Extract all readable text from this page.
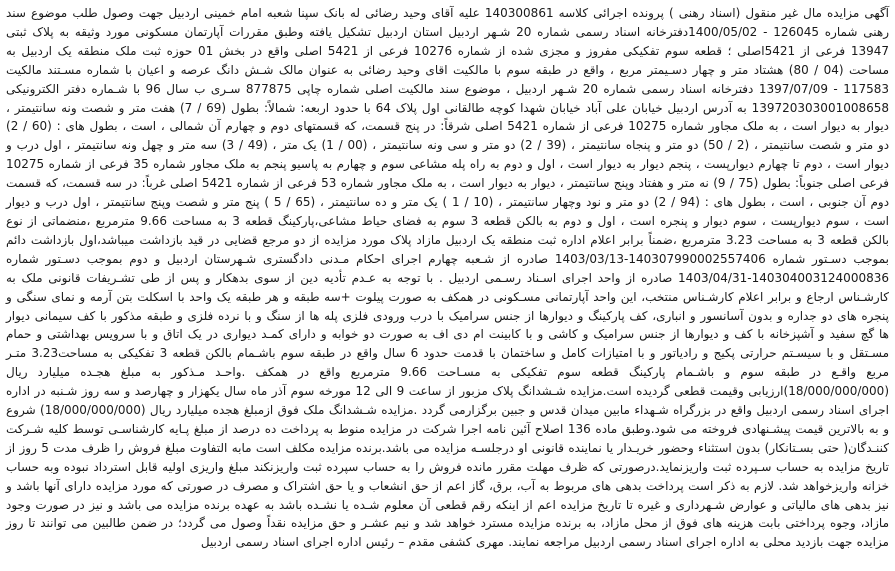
آگهی مزایده مال غیر منقول (اسناد رهنی ) پرونده اجرائی کلاسه 140300861 علیه آقای وحید رضائی له بانک سپنا شعبه امام خمینی اردبیل جهت وصول طلب موضوع سند رهنی شماره 126045 - 1400/05/02دفترخانه اسناد رسمی شماره 20 شـهر اردبیل استان اردبیل تشکیل یافته وطبق مقررات آپارتمان مسکونی مورد وثیقه به پلاک ثبتی 13947 فرعی از 5421اصلی ؛ قطعه سوم تفکیکی مفروز و مجزی شده از شماره 10276 فرعی از 5421 اصلی واقع در بخش 01 حوزه ثبت ملک منطقه یک اردبیل به مساحت (04 / 80) هشتاد متر و چهار دسـیمتر مربع ، واقع در طبقه سوم با مالکیت اقای وحید رضائی به عنوان مالک شـش دانگ عرصه و اعیان با شماره مسـتند مالکیت 117583 - 1397/07/09 دفترخانه اسناد رسمی شماره 20 شـهر اردبیل ، موضوع سند مالکیت اصلی شماره چاپی 877875 سـری ب سال 96 با شـماره دفتر الکترونیکی 139720303001008658 به آدرس اردبیل خیابان علی آباد خیابان شهدا کوچه طالقانی اول پلاک 64 با حدود اربعه: شمالاً: بطول (69 / 7) هفت متر و شصت ونه سانتیمتر ، دیوار به دیوار است ، به ملک مجاور شماره 10275 فرعی از شماره 5421 اصلی شرقاً: در پنج قسمت، که قسمتهای دوم و چهارم آن شمالی ، است ، بطول های : (60 / 2) دو متر و شصت سانتیمتر ، (2 / 50) دو متر و پنجاه سانتیمتر ، (39 / 2) دو متر و سی ونه سانتیمتر ، (00 / 1) یک متر ، (49 / 3) سه متر و چهل ونه سانتیمتر ، اول درب و دیوار است ، دوم تا چهارم دیوارپست ، پنجم دیوار به دیوار است ، اول و دوم به راه پله مشاعی سوم و چهارم به پاسیو پنجم به ملک مجاور شماره 35 فرعی از شماره 10275 فرعی اصلی جنوباً: بطول (75 / 9) نه متر و هفتاد وپنج سانتیمتر ، دیوار به دیوار است ، به ملک مجاور شماره 53 فرعی از شماره 5421 اصلی غرباً: در سه قسمت، که قسمت دوم آن جنوبی ، است ، بطول های : (94 / 2) دو متر و نود وچهار سانتیمتر ، (10 / 1 ) یک متر و ده سانتیمتر ، (65 / 5 ) پنج متر و شصت وپنج سانتیمتر ، اول درب و دیوار است ، سوم دیوارپست ، سوم دیوار و پنجره است ، اول و دوم به بالکن قطعه 3 سوم به فضای حیاط مشاعی،پارکینگ قطعه 3 به مساحت 9.66 مترمربع ،منضماتی از نوع بالکن قطعه 3 به مساحت 3.23 مترمربع ،ضمناً برابر اعلام اداره ثبت منطقه یک اردبیل مازاد پلاک مورد مزایده از دو مرجع قضایی در قید بازداشت میباشد،اول بازداشت دائم بموجب دسـتور شماره 140307990002557406-1403/03/13 صادره از شـعبه چهارم اجرای احکام مـدنی دادگستری شـهرستان اردبیل و دوم بموجب دسـتور شماره 140304003124000836-1403/04/31 صادره از واحد اجرای اسـناد رسـمی اردبیل . با توجه به عـدم تأدیه دین از سوی بدهکار و پس از طی تشـریفات قانونی ملک به کارشـناس ارجاع و برابر اعلام کارشـناس منتخب، این واحد آپارتمانی مسـکونی در همکف به صورت پیلوت +سه طبقه و هر طبقه یک واحد با اسکلت بتن آرمه و نمای سنگی و پنجره های دو جداره و بدون آسانسور و انباری، کف پارکینگ و دیوارها از جنس سرامیک با درب ورودی فلزی پله ها از سنگ و با نرده فلزی و طبقه مذکور با کف سیمانی دیوار ها گچ سفید و آشپزخانه با کف و دیوارها از جنس سرامیک و کاشی و با کابینت ام دی اف به صورت دو خوابه و دارای کمـد دیواری در یک اتاق و با سرویس بهداشتی و حمام مسـتقل و با سیسـتم حرارتی پکیج و رادیاتور و با امتیازات کامل و ساختمان با قدمت حدود 6 سال واقع در طبقه سوم باشـمام بالکن قطعه 3 تفکیکی به مساحت3.23 متـر مربع واقـع در طبقه سوم و باشـمام پارکینگ قطعه سوم تفکیکی به مسـاحت 9.66 مترمربع واقع در همکف .واحـد مـذکور به مبلغ هجـده میلیارد ریال (18/000/000/000)ارزیابی وقیمت قطعی گردیده است.مزایده شـشدانگ پلاک مزبور از ساعت 9 الی 12 مورخه سوم آذر ماه سال یکهزار و چهارصد و سه روز شـنبه در اداره اجرای اسناد رسمی اردبیل واقع در بزرگراه شـهداء مابین میدان قدس و جبین برگزارمی گردد .مزایده شـشدانگ ملک فوق ازمبلغ هجده میلیارد ریال (18/000/000/000) شروع و به بالاترین قیمت پیشـنهادی فروخته می شود.وطبق ماده 136 اصلاح آئین نامه اجرا شرکت در مزایده منوط به پرداخت ده درصد از مبلغ پـایه کارشناسـی توسط کلیه شـرکت کننـدگان( حتی بسـتانکار) بدون استثناء وحضور خریـدار یا نماینده قانونی او درجلسـه مزایده می باشد.برنده مزایده مکلف است مابه التفاوت مبلغ فروش را ظرف مدت 5 روز از تاریخ مزایده به حساب سـپرده ثبت واریزنماید.درصورتی که ظرف مهلت مقرر مانده فروش را به حساب سپرده ثبت واریزنکند مبلغ واریزی اولیه قابل استرداد نبوده وبه حساب خزانه واریزخواهد شد. لازم به ذکر است پرداخت بدهی های مربوط به آب، برق، گاز اعم از حق انشعاب و یا حق اشتراک و مصرف در صورتی که مورد مزایده دارای آنها باشد و نیز بدهی های مالیاتی و عوارض شـهرداری و غیره تا تاریخ مزایده اعم از اینکه رقم قطعی آن معلوم شـده یا نشـده باشد به عهده برنده مزایده می باشد و نیز در صورت وجود مازاد، وجوه پرداختی بابت هزینه های فوق از محل مازاد، به برنده مزایده مسترد خواهد شد و نیم عشـر و حق مزایده نقداً وصول می گردد؛ در ضمن طالبین می توانند تا روز مزایده جهت بازدید محلی به اداره اجرای اسناد رسمی اردبیل مراجعه نمایند. مهری کشفی مقدم – رئیس اداره اجرای اسناد رسمی اردبیل
